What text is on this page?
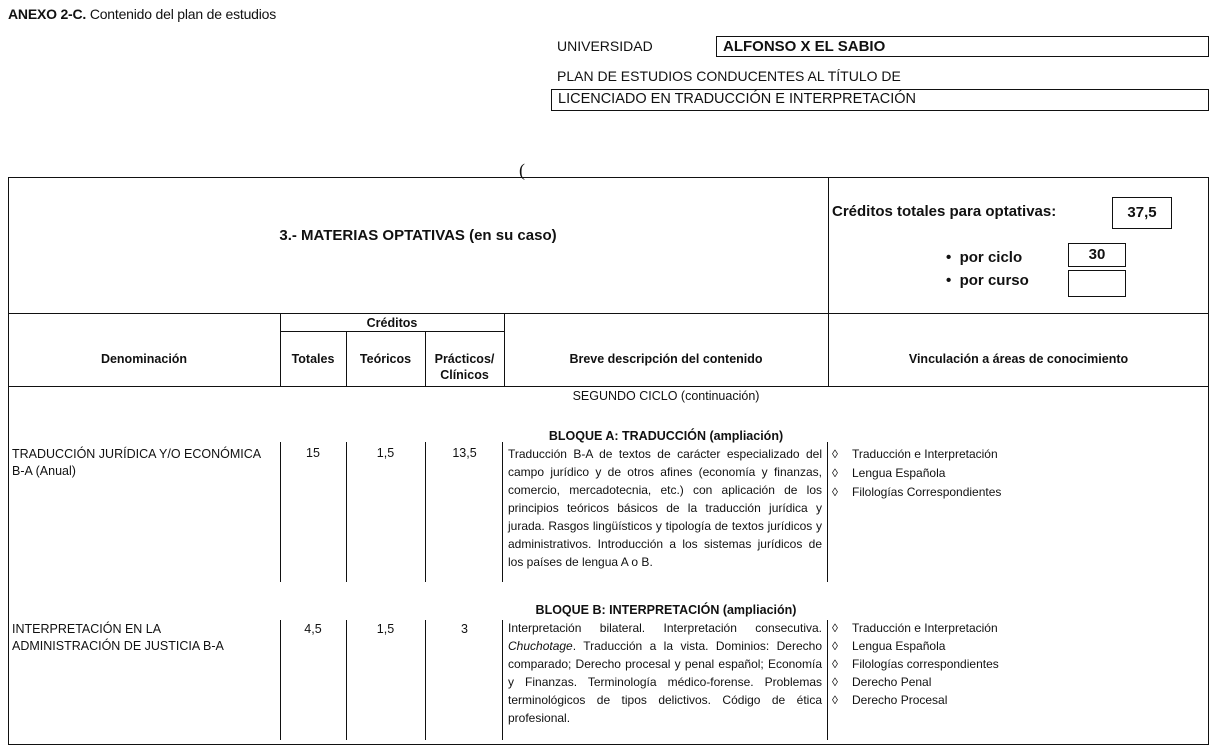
ANEXO 2-C. Contenido del plan de estudios
UNIVERSIDAD	ALFONSO X EL SABIO
PLAN DE ESTUDIOS CONDUCENTES AL TÍTULO DE
LICENCIADO EN TRADUCCIÓN E INTERPRETACIÓN
(
3.- MATERIAS OPTATIVAS (en su caso)
Créditos totales para optativas:	37,5
• por ciclo	30
• por curso
Créditos
Denominación	Totales	Teóricos	Prácticos/
Clínicos
Breve descripción del contenido	Vinculación a áreas de conocimiento
SEGUNDO CICLO (continuación)
BLOQUE A: TRADUCCIÓN (ampliación)
TRADUCCIÓN JURÍDICA Y/O ECONÓMICA
B-A (Anual)
15	1,5	13,5	Traducción B-A de textos de carácter especializado del campo jurídico y de otros afines (economía y finanzas, comercio, mercadotecnia, etc.) con aplicación de los principios teóricos básicos de la traducción jurídica y jurada. Rasgos lingüísticos y tipología de textos jurídicos y administrativos. Introducción a los sistemas jurídicos de los países de lengua A o B.
◊ Traducción e Interpretación
◊ Lengua Española
◊ Filologías Correspondientes
BLOQUE B: INTERPRETACIÓN (ampliación)
INTERPRETACIÓN EN LA
ADMINISTRACIÓN DE JUSTICIA B-A
4,5	1,5	3	Interpretación bilateral. Interpretación consecutiva. Chuchotage. Traducción a la vista. Dominios: Derecho comparado; Derecho procesal y penal español; Economía y Finanzas. Terminología médico-forense. Problemas terminológicos de tipos delictivos. Código de ética profesional.
◊ Traducción e Interpretación
◊ Lengua Española
◊ Filologías correspondientes
◊ Derecho Penal
◊ Derecho Procesal
